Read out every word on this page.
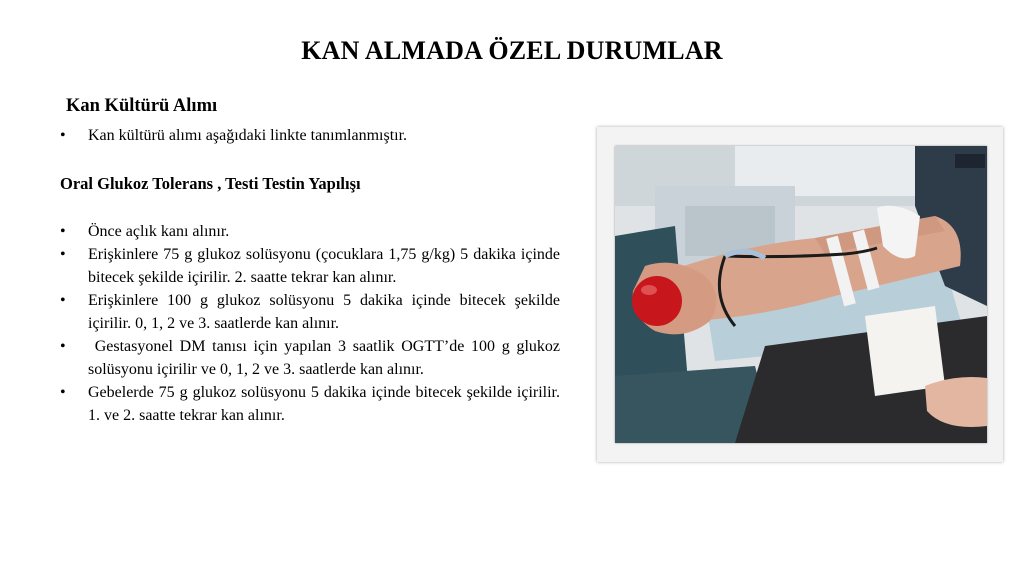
KAN ALMADA ÖZEL DURUMLAR
Kan Kültürü Alımı
• Kan kültürü alımı aşağıdaki linkte tanımlanmıştır.
Oral Glukoz Tolerans , Testi Testin Yapılışı
• Önce açlık kanı alınır.
• Erişkinlere 75 g glukoz solüsyonu (çocuklara 1,75 g/kg) 5 dakika içinde bitecek şekilde içirilir. 2. saatte tekrar kan alınır.
• Erişkinlere 100 g glukoz solüsyonu 5 dakika içinde bitecek şekilde içirilir. 0, 1, 2 ve 3. saatlerde kan alınır.
• Gestasyonel DM tanısı için yapılan 3 saatlik OGTT’de 100 g glukoz solüsyonu içirilir ve 0, 1, 2 ve 3. saatlerde kan alınır.
• Gebelerde 75 g glukoz solüsyonu 5 dakika içinde bitecek şekilde içirilir. 1. ve 2. saatte tekrar kan alınır.
